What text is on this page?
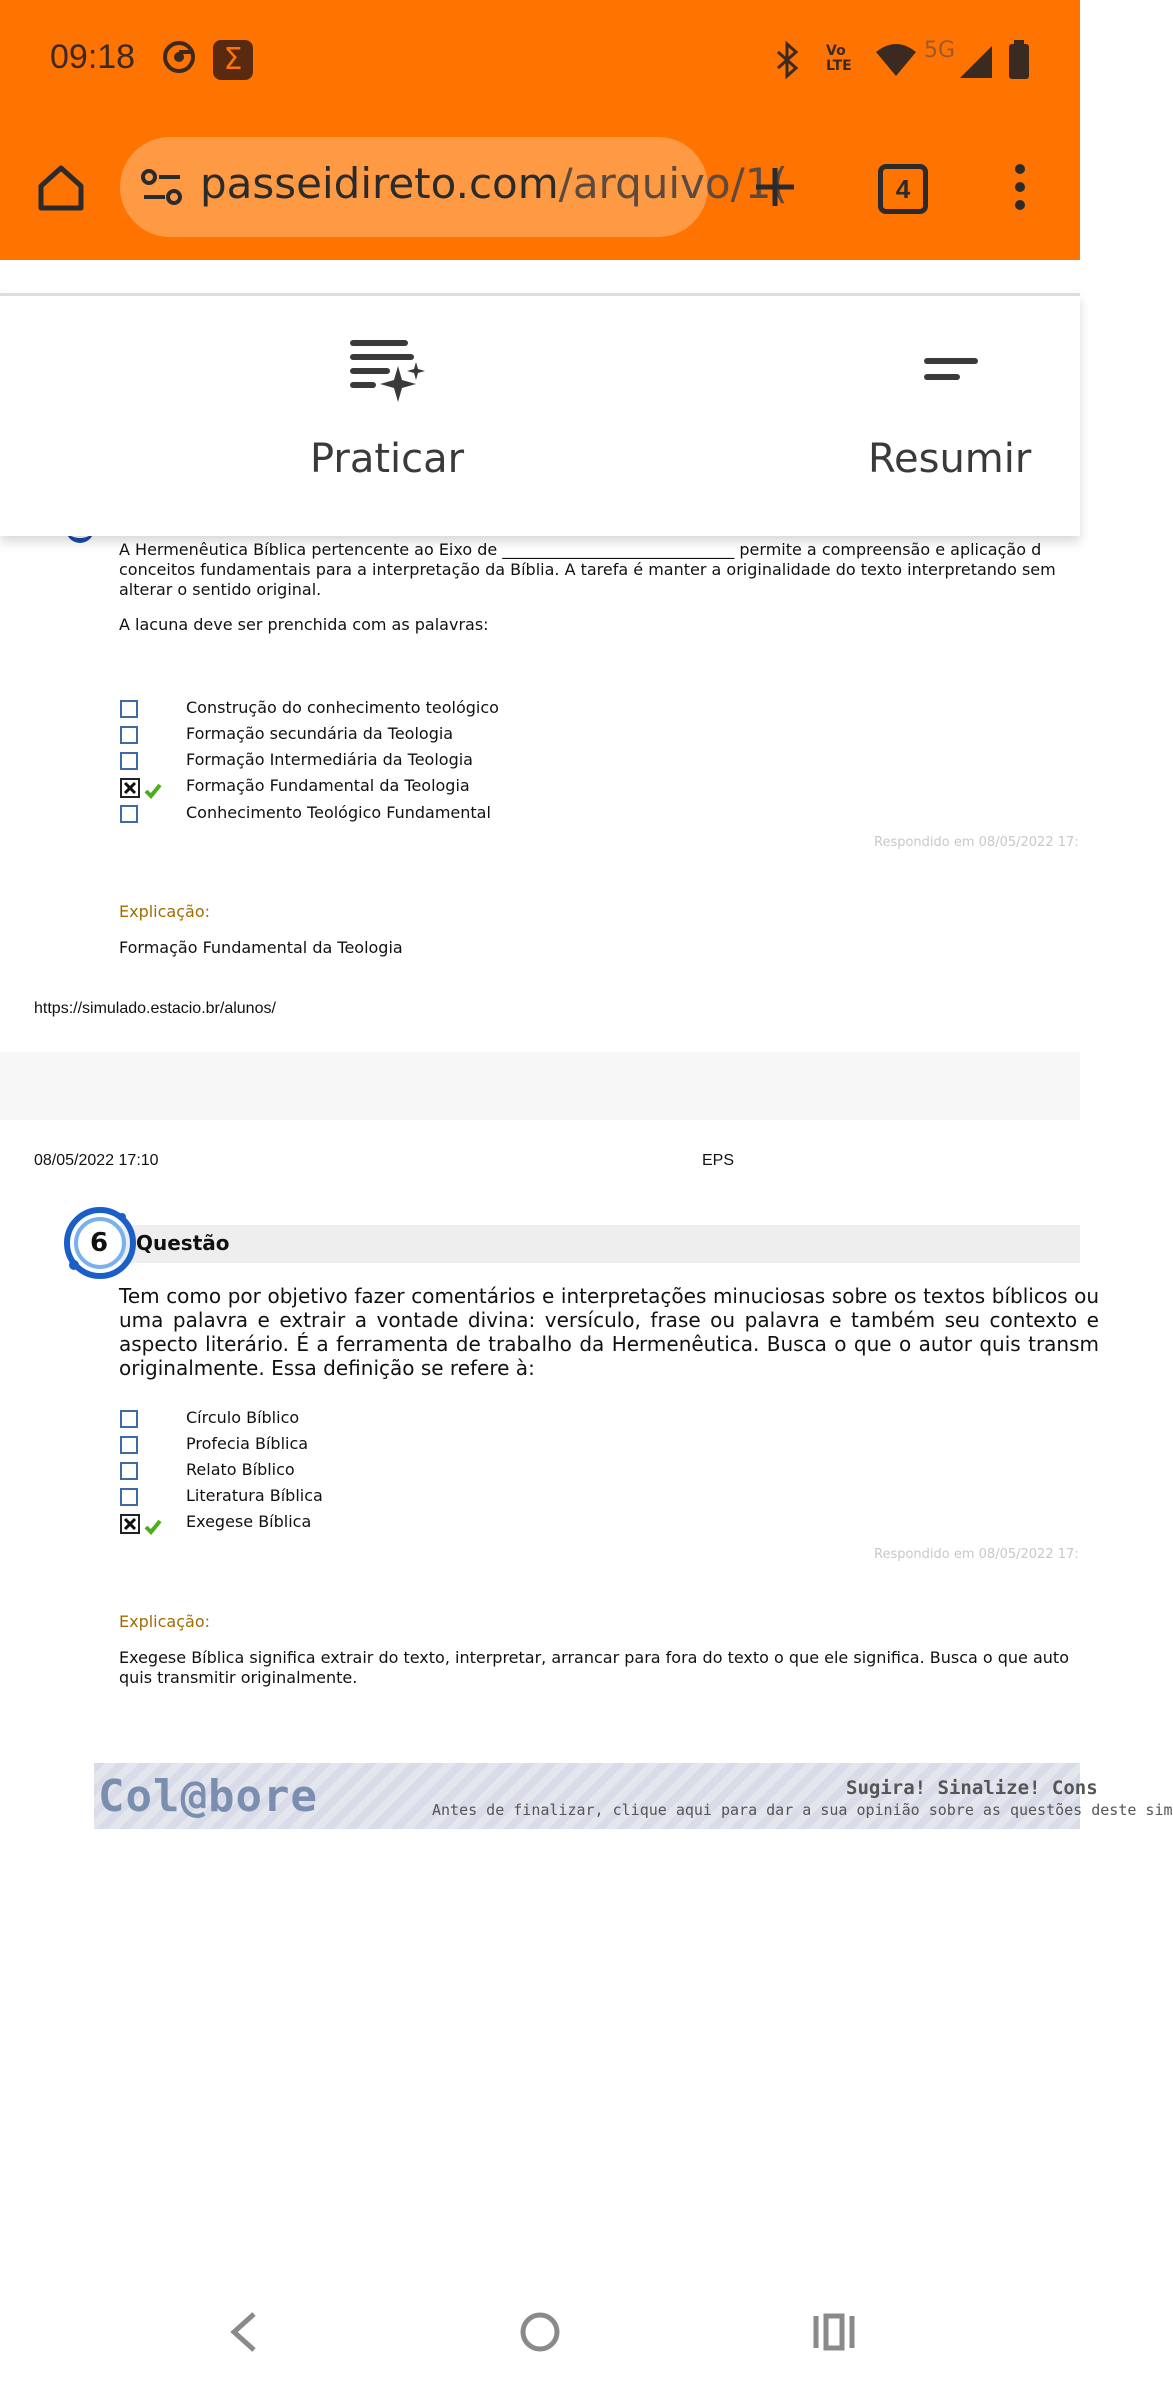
09:18	Σ	Vo
LTE
5G
passeidireto.com/arquivo/1(	4
Praticar	Resumir
A Hermenêutica Bíblica pertencente ao Eixo de _____________________________ permite a compreensão e aplicação d conceitos fundamentais para a interpretação da Bíblia. A tarefa é manter a originalidade do texto interpretando sem alterar o sentido original.
A lacuna deve ser prenchida com as palavras:
Construção do conhecimento teológico
Formação secundária da Teologia
Formação Intermediária da Teologia
Formação Fundamental da Teologia
Conhecimento Teológico Fundamental
Respondido em 08/05/2022 17:
Explicação:
Formação Fundamental da Teologia
https://simulado.estacio.br/alunos/
08/05/2022 17:10	EPS
6 Questão
Tem como por objetivo fazer comentários e interpretações minuciosas sobre os textos bíblicos ou uma palavra e extrair a vontade divina: versículo, frase ou palavra e também seu contexto e aspecto literário. É a ferramenta de trabalho da Hermenêutica. Busca o que o autor quis transm originalmente. Essa definição se refere à:
Círculo Bíblico
Profecia Bíblica
Relato Bíblico
Literatura Bíblica
Exegese Bíblica
Respondido em 08/05/2022 17:
Explicação:
Exegese Bíblica significa extrair do texto, interpretar, arrancar para fora do texto o que ele significa. Busca o que auto quis transmitir originalmente.
Col@bore	Sugira! Sinalize! Cons
Antes de finalizar, clique aqui para dar a sua opinião sobre as questões deste sim
